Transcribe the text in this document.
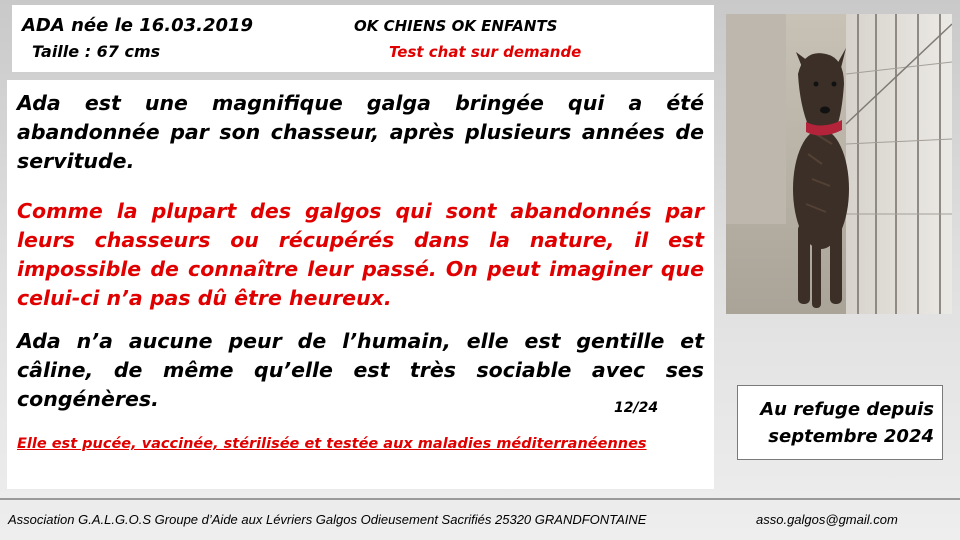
ADA née le 16.03.2019
Taille : 67 cms
OK CHIENS OK ENFANTS
Test chat sur demande

Ada est une magnifique galga bringée qui a été abandonnée par son chasseur, après plusieurs années de servitude.

Comme la plupart des galgos qui sont abandonnés par leurs chasseurs ou récupérés dans la nature, il est impossible de connaître leur passé. On peut imaginer que celui-ci n’a pas dû être heureux.

Ada n’a aucune peur de l’humain, elle est gentille et câline, de même qu’elle est très sociable avec ses congénères.	12/24

Elle est pucée, vaccinée, stérilisée et testée aux maladies méditerranéennes

Au refuge depuis
septembre 2024
Association G.A.L.G.O.S Groupe d’Aide aux Lévriers Galgos Odieusement Sacrifiés 25320 GRANDFONTAINE	asso.galgos@gmail.com
